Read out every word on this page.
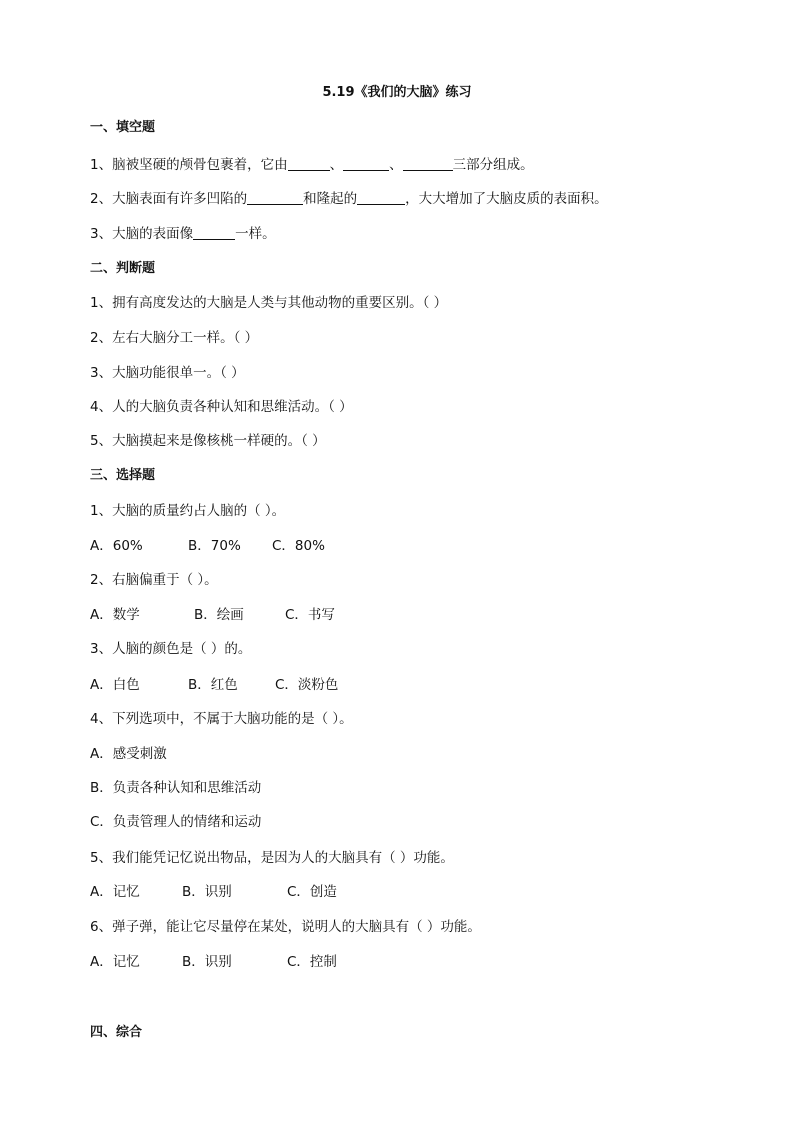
5.19《我们的大脑》练习
一、填空题
1、脑被坚硬的颅骨包裹着，它由	、	、	三部分组成。
2、大脑表面有许多凹陷的	和隆起的	，大大增加了大脑皮质的表面积。
3、大脑的表面像	一样。
二、判断题
1、拥有高度发达的大脑是人类与其他动物的重要区别。（ ）
2、左右大脑分工一样。（ ）
3、大脑功能很单一。（ ）
4、人的大脑负责各种认知和思维活动。（ ）
5、大脑摸起来是像核桃一样硬的。（ ）
三、选择题
1、大脑的质量约占人脑的（ ）。
A．60%	B．70% C．80%
2、右脑偏重于（ ）。
A．数学	B．绘画	C．书写
3、人脑的颜色是（ ）的。
A．白色	B．红色	C．淡粉色
4、下列选项中，不属于大脑功能的是（ ）。
A．感受刺激
B．负责各种认知和思维活动
C．负责管理人的情绪和运动
5、我们能凭记忆说出物品，是因为人的大脑具有（ ）功能。
A．记忆	B．识别	C．创造
6、弹子弹，能让它尽量停在某处，说明人的大脑具有（ ）功能。
A．记忆	B．识别	C．控制
四、综合
